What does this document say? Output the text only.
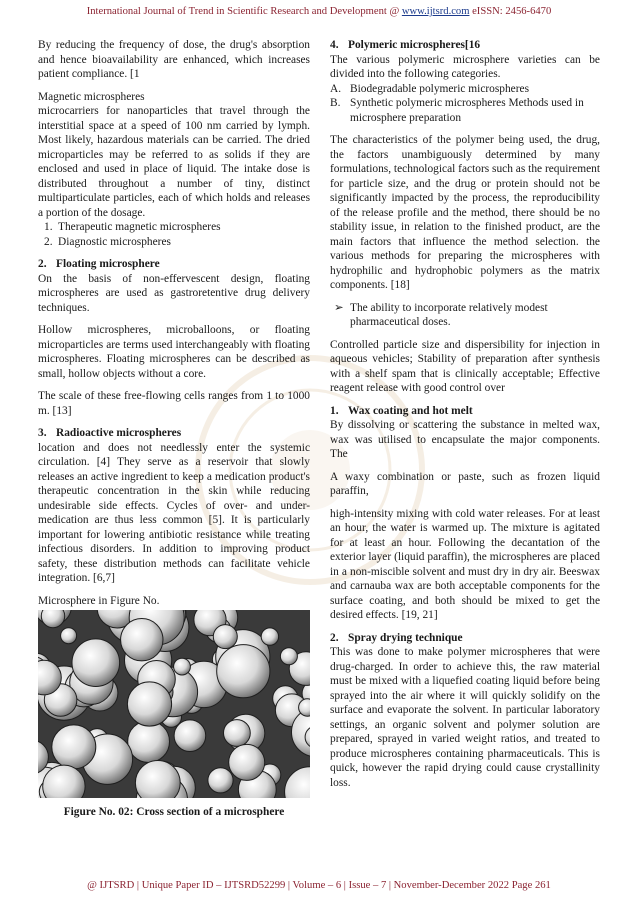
International Journal of Trend in Scientific Research and Development @ www.ijtsrd.com eISSN: 2456-6470

By reducing the frequency of dose, the drug's absorption and hence bioavailability are enhanced, which increases patient compliance. [1

Magnetic microspheres

microcarriers for nanoparticles that travel through the interstitial space at a speed of 100 nm carried by lymph. Most likely, hazardous materials can be carried. The dried microparticles may be referred to as solids if they are enclosed and used in place of liquid. The intake dose is distributed throughout a number of tiny, distinct multiparticulate particles, each of which holds and releases a portion of the dosage.

1. Therapeutic magnetic microspheres
2. Diagnostic microspheres
2. Floating microsphere

On the basis of non-effervescent design, floating microspheres are used as gastroretentive drug delivery techniques.

Hollow microspheres, microballoons, or floating microparticles are terms used interchangeably with floating microspheres. Floating microspheres can be described as small, hollow objects without a core.

The scale of these free-flowing cells ranges from 1 to 1000 m. [13]

3. Radioactive microspheres

location and does not needlessly enter the systemic circulation. [4] They serve as a reservoir that slowly releases an active ingredient to keep a medication product's therapeutic concentration in the skin while reducing undesirable side effects. Cycles of over- and under-medication are thus less common [5]. It is particularly important for lowering antibiotic resistance while treating infectious disorders. In addition to improving product safety, these distribution methods can facilitate vehicle integration. [6,7]

Microsphere in Figure No.

Figure No. 02: Cross section of a microsphere
4. Polymeric microspheres[16

The various polymeric microsphere varieties can be divided into the following categories.

A. Biodegradable polymeric microspheres
B. Synthetic polymeric microspheres Methods used in microsphere preparation

The characteristics of the polymer being used, the drug, the factors unambiguously determined by many formulations, technological factors such as the requirement for particle size, and the drug or protein should not be significantly impacted by the process, the reproducibility of the release profile and the method, there should be no stability issue, in relation to the finished product, are the main factors that influence the method selection. the various methods for preparing the microspheres with hydrophilic and hydrophobic polymers as the matrix components. [18]

➢ The ability to incorporate relatively modest pharmaceutical doses.

Controlled particle size and dispersibility for injection in aqueous vehicles; Stability of preparation after synthesis with a shelf spam that is clinically acceptable; Effective reagent release with good control over

1. Wax coating and hot melt

By dissolving or scattering the substance in melted wax, wax was utilised to encapsulate the major components. The

A waxy combination or paste, such as frozen liquid paraffin,

high-intensity mixing with cold water releases. For at least an hour, the water is warmed up. The mixture is agitated for at least an hour. Following the decantation of the exterior layer (liquid paraffin), the microspheres are placed in a non-miscible solvent and must dry in dry air. Beeswax and carnauba wax are both acceptable components for the surface coating, and both should be mixed to get the desired effects. [19, 21]

2. Spray drying technique

This was done to make polymer microspheres that were drug-charged. In order to achieve this, the raw material must be mixed with a liquefied coating liquid before being sprayed into the air where it will quickly solidify on the surface and evaporate the solvent. In particular laboratory settings, an organic solvent and polymer solution are prepared, sprayed in varied weight ratios, and treated to produce microspheres containing pharmaceuticals. This is quick, however the rapid drying could cause crystallinity loss.

@ IJTSRD | Unique Paper ID – IJTSRD52299 | Volume – 6 | Issue – 7 | November-December 2022 Page 261
